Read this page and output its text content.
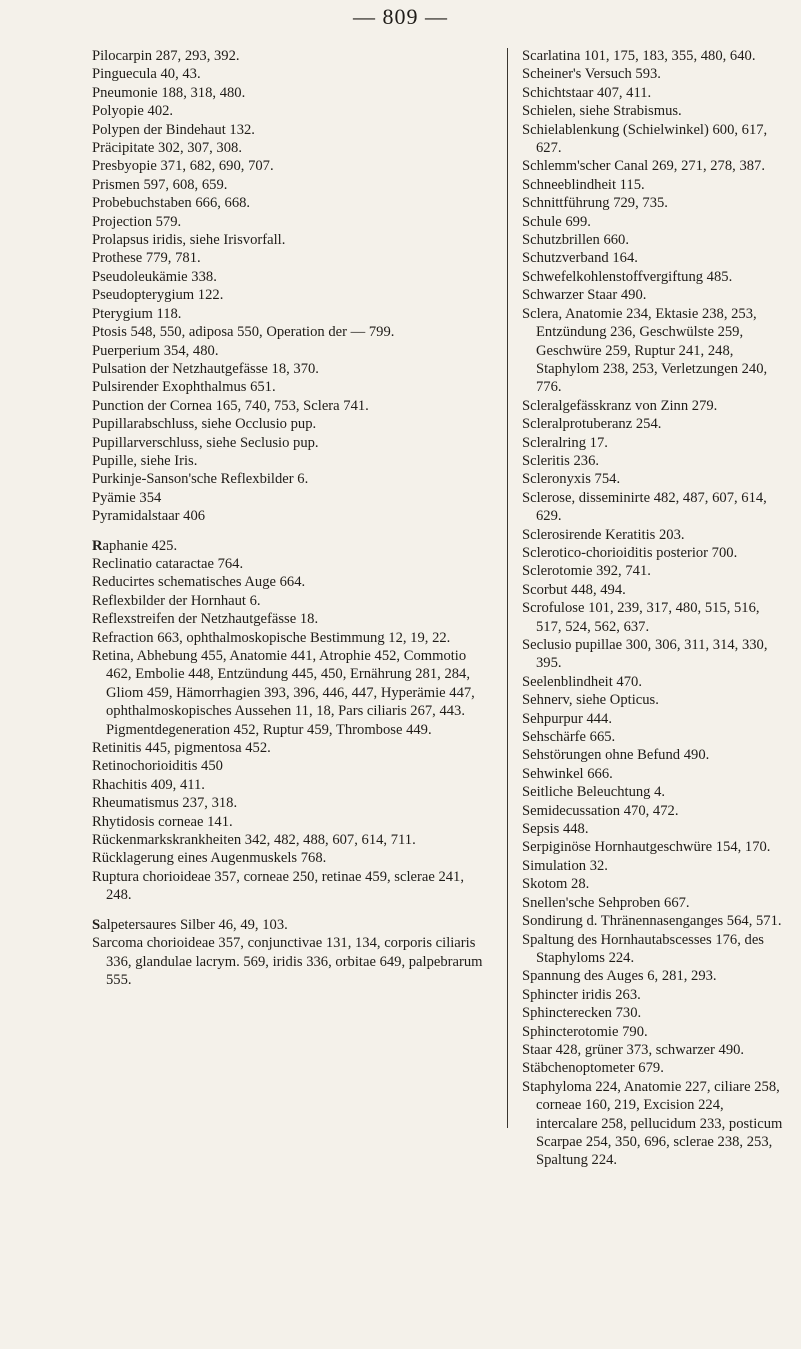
— 809 —

Pilocarpin 287, 293, 392.

Pinguecula 40, 43.

Pneumonie 188, 318, 480.

Polyopie 402.

Polypen der Bindehaut 132.

Präcipitate 302, 307, 308.

Presbyopie 371, 682, 690, 707.

Prismen 597, 608, 659.

Probebuchstaben 666, 668.

Projection 579.

Prolapsus iridis, siehe Irisvorfall.

Prothese 779, 781.

Pseudoleukämie 338.

Pseudopterygium 122.

Pterygium 118.

Ptosis 548, 550, adiposa 550, Operation der — 799.

Puerperium 354, 480.

Pulsation der Netzhautgefässe 18, 370.

Pulsirender Exophthalmus 651.

Punction der Cornea 165, 740, 753, Sclera 741.

Pupillarabschluss, siehe Occlusio pup.

Pupillarverschluss, siehe Seclusio pup.

Pupille, siehe Iris.

Purkinje-Sanson'sche Reflexbilder 6.

Pyämie 354

Pyramidalstaar 406

Raphanie 425.

Reclinatio cataractae 764.

Reducirtes schematisches Auge 664.

Reflexbilder der Hornhaut 6.

Reflexstreifen der Netzhautgefässe 18.

Refraction 663, ophthalmoskopische Bestimmung 12, 19, 22.

Retina, Abhebung 455, Anatomie 441, Atrophie 452, Commotio 462, Embolie 448, Entzündung 445, 450, Ernährung 281, 284, Gliom 459, Hämorrhagien 393, 396, 446, 447, Hyperämie 447, ophthalmoskopisches Aussehen 11, 18, Pars ciliaris 267, 443. Pigmentdegeneration 452, Ruptur 459, Thrombose 449.

Retinitis 445, pigmentosa 452.

Retinochorioiditis 450

Rhachitis 409, 411.

Rheumatismus 237, 318.

Rhytidosis corneae 141.

Rückenmarkskrankheiten 342, 482, 488, 607, 614, 711.

Rücklagerung eines Augenmuskels 768.

Ruptura chorioideae 357, corneae 250, retinae 459, sclerae 241, 248.

Salpetersaures Silber 46, 49, 103.

Sarcoma chorioideae 357, conjunctivae 131, 134, corporis ciliaris 336, glandulae lacrym. 569, iridis 336, orbitae 649, palpebrarum 555.

Scarlatina 101, 175, 183, 355, 480, 640.

Scheiner's Versuch 593.

Schichtstaar 407, 411.

Schielen, siehe Strabismus.

Schielablenkung (Schielwinkel) 600, 617, 627.

Schlemm'scher Canal 269, 271, 278, 387.

Schneeblindheit 115.

Schnittführung 729, 735.

Schule 699.

Schutzbrillen 660.

Schutzverband 164.

Schwefelkohlenstoffvergiftung 485.

Schwarzer Staar 490.

Sclera, Anatomie 234, Ektasie 238, 253, Entzündung 236, Geschwülste 259, Geschwüre 259, Ruptur 241, 248, Staphylom 238, 253, Verletzungen 240, 776.

Scleralgefässkranz von Zinn 279.

Scleralprotuberanz 254.

Scleralring 17.

Scleritis 236.

Scleronyxis 754.

Sclerose, disseminirte 482, 487, 607, 614, 629.

Sclerosirende Keratitis 203.

Sclerotico-chorioiditis posterior 700.

Sclerotomie 392, 741.

Scorbut 448, 494.

Scrofulose 101, 239, 317, 480, 515, 516, 517, 524, 562, 637.

Seclusio pupillae 300, 306, 311, 314, 330, 395.

Seelenblindheit 470.

Sehnerv, siehe Opticus.

Sehpurpur 444.

Sehschärfe 665.

Sehstörungen ohne Befund 490.

Sehwinkel 666.

Seitliche Beleuchtung 4.

Semidecussation 470, 472.

Sepsis 448.

Serpiginöse Hornhautgeschwüre 154, 170.

Simulation 32.

Skotom 28.

Snellen'sche Sehproben 667.

Sondirung d. Thränennasenganges 564, 571.

Spaltung des Hornhautabscesses 176, des Staphyloms 224.

Spannung des Auges 6, 281, 293.

Sphincter iridis 263.

Sphincterecken 730.

Sphincterotomie 790.

Staar 428, grüner 373, schwarzer 490.

Stäbchenoptometer 679.

Staphyloma 224, Anatomie 227, ciliare 258, corneae 160, 219, Excision 224, intercalare 258, pellucidum 233, posticum Scarpae 254, 350, 696, sclerae 238, 253, Spaltung 224.
